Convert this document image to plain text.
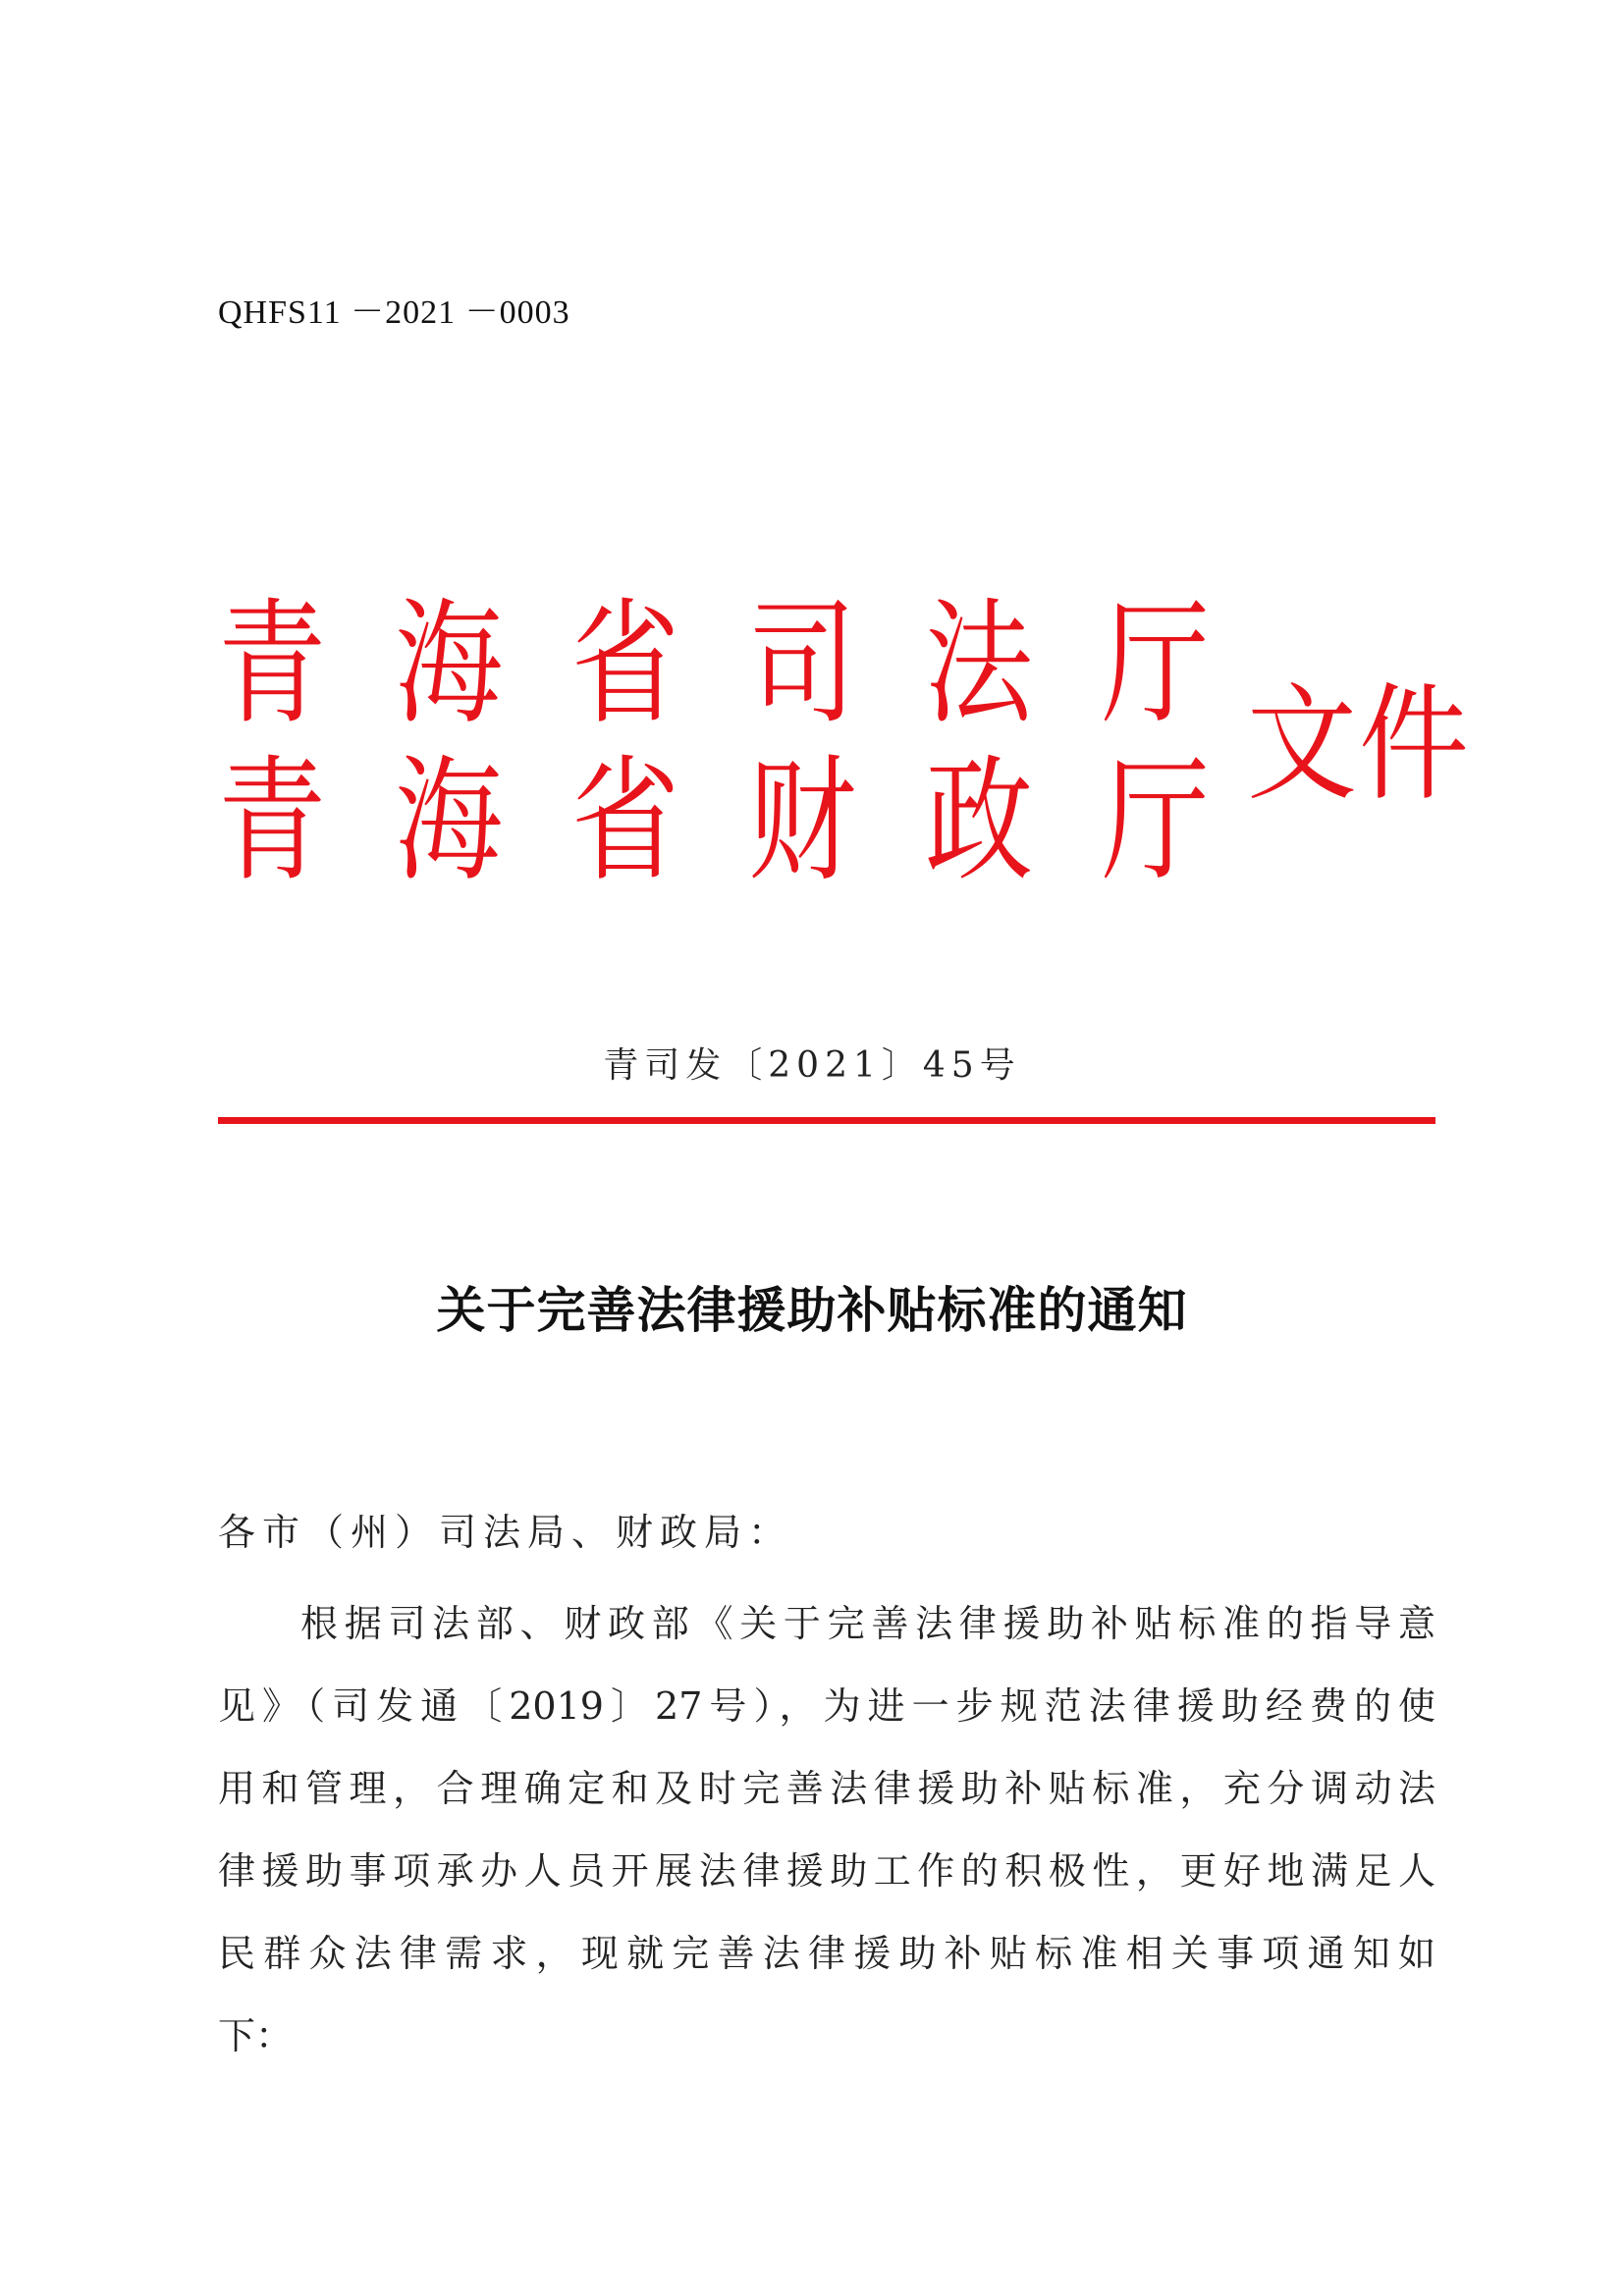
QHFS11 －2021 －0003
青 海 省 司 法 厅
青 海 省 财 政 厅 文件
青司发〔2021〕45号
关于完善法律援助补贴标准的通知
各市（州）司法局、财政局：
根据司法部、财政部《关于完善法律援助补贴标准的指导意
见》（司发通〔2019〕27号），为进一步规范法律援助经费的使
用和管理，合理确定和及时完善法律援助补贴标准，充分调动法
律援助事项承办人员开展法律援助工作的积极性，更好地满足人
民群众法律需求，现就完善法律援助补贴标准相关事项通知如
下：
